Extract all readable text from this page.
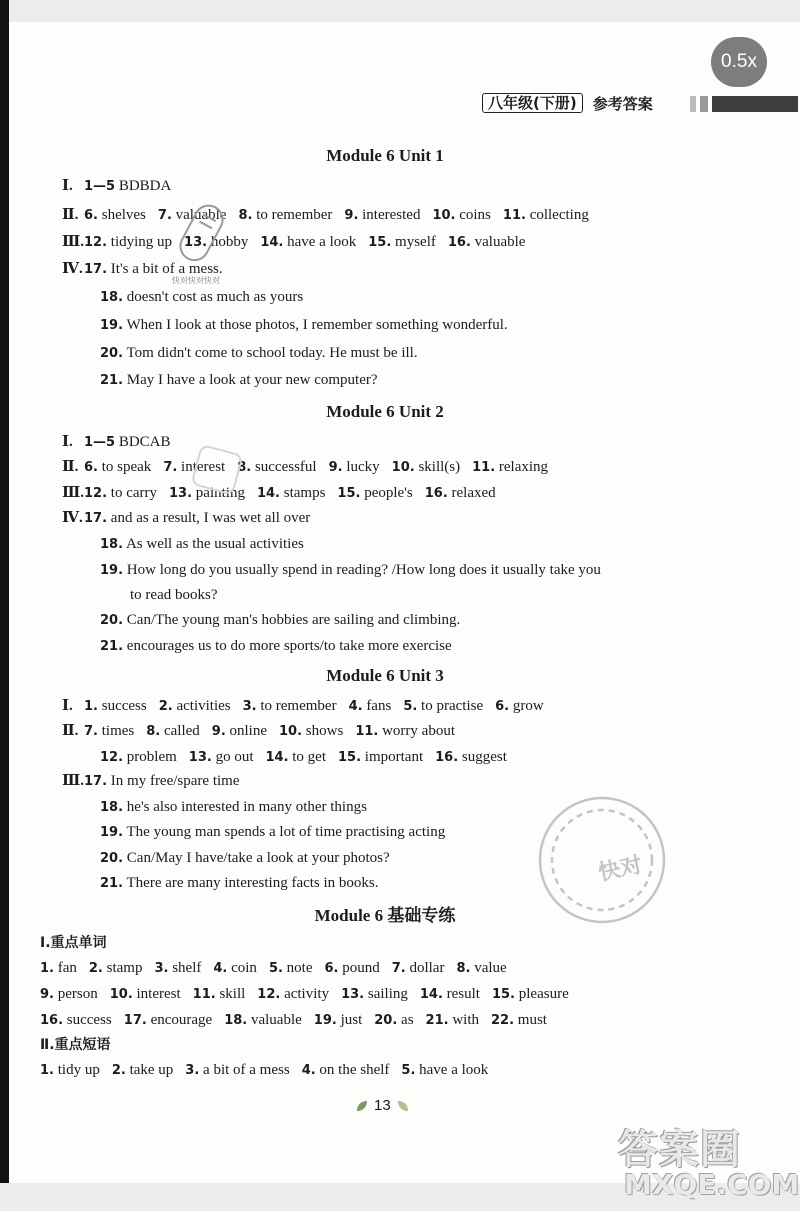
0.5x
八年级(下册)	参考答案
Module 6 Unit 1
Ⅰ. 1—5 BDBDA
Ⅱ. 6. shelves 7. valuable 8. to remember 9. interested 10. coins 11. collecting
Ⅲ.12. tidying up 13. hobby 14. have a look 15. myself 16. valuable
Ⅳ.17. It's a bit of a mess.
18. doesn't cost as much as yours
19. When I look at those photos, I remember something wonderful.
20. Tom didn't come to school today. He must be ill.
21. May I have a look at your new computer?
Module 6 Unit 2
Ⅰ. 1—5 BDCAB
Ⅱ. 6. to speak 7. interest 8. successful 9. lucky 10. skill(s) 11. relaxing
Ⅲ.12. to carry 13. painting 14. stamps 15. people's 16. relaxed
Ⅳ.17. and as a result, I was wet all over
18. As well as the usual activities
19. How long do you usually spend in reading? /How long does it usually take you
to read books?
20. Can/The young man's hobbies are sailing and climbing.
21. encourages us to do more sports/to take more exercise
Module 6 Unit 3
Ⅰ. 1. success 2. activities 3. to remember 4. fans 5. to practise 6. grow
Ⅱ. 7. times 8. called 9. online 10. shows 11. worry about
12. problem 13. go out 14. to get 15. important 16. suggest
Ⅲ.17. In my free/spare time
18. he's also interested in many other things
19. The young man spends a lot of time practising acting
20. Can/May I have/take a look at your photos?
21. There are many interesting facts in books.
Module 6 基础专练
Ⅰ.重点单词
1. fan 2. stamp 3. shelf 4. coin 5. note 6. pound 7. dollar 8. value
9. person 10. interest 11. skill 12. activity 13. sailing 14. result 15. pleasure
16. success 17. encourage 18. valuable 19. just 20. as 21. with 22. must
Ⅱ.重点短语
1. tidy up 2. take up 3. a bit of a mess 4. on the shelf 5. have a look
快对快对快对
快对
13
答案圈
MXQE.COM
